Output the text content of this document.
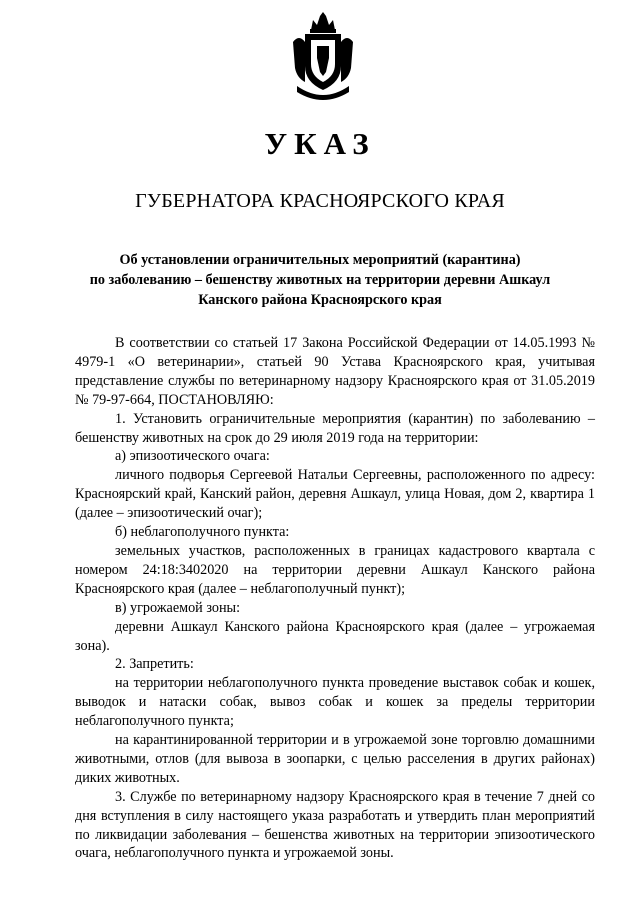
УКАЗ
ГУБЕРНАТОРА КРАСНОЯРСКОГО КРАЯ
Об установлении ограничительных мероприятий (карантина)
по заболеванию – бешенству животных на территории деревни Ашкаул
Канского района Красноярского края

В соответствии со статьей 17 Закона Российской Федерации от 14.05.1993 № 4979-1 «О ветеринарии», статьей 90 Устава Красноярского края, учитывая представление службы по ветеринарному надзору Красноярского края от 31.05.2019 № 79-97-664, ПОСТАНОВЛЯЮ:

1. Установить ограничительные мероприятия (карантин) по заболеванию – бешенству животных на срок до 29 июля 2019 года на территории:

а) эпизоотического очага:

личного подворья Сергеевой Натальи Сергеевны, расположенного по адресу: Красноярский край, Канский район, деревня Ашкаул, улица Новая, дом 2, квартира 1 (далее – эпизоотический очаг);

б) неблагополучного пункта:

земельных участков, расположенных в границах кадастрового квартала с номером 24:18:3402020 на территории деревни Ашкаул Канского района Красноярского края (далее – неблагополучный пункт);

в) угрожаемой зоны:

деревни Ашкаул Канского района Красноярского края (далее – угрожаемая зона).

2. Запретить:

на территории неблагополучного пункта проведение выставок собак и кошек, выводок и натаски собак, вывоз собак и кошек за пределы территории неблагополучного пункта;

на карантинированной территории и в угрожаемой зоне торговлю домашними животными, отлов (для вывоза в зоопарки, с целью расселения в других районах) диких животных.

3. Службе по ветеринарному надзору Красноярского края в течение 7 дней со дня вступления в силу настоящего указа разработать и утвердить план мероприятий по ликвидации заболевания – бешенства животных на территории эпизоотического очага, неблагополучного пункта и угрожаемой зоны.
